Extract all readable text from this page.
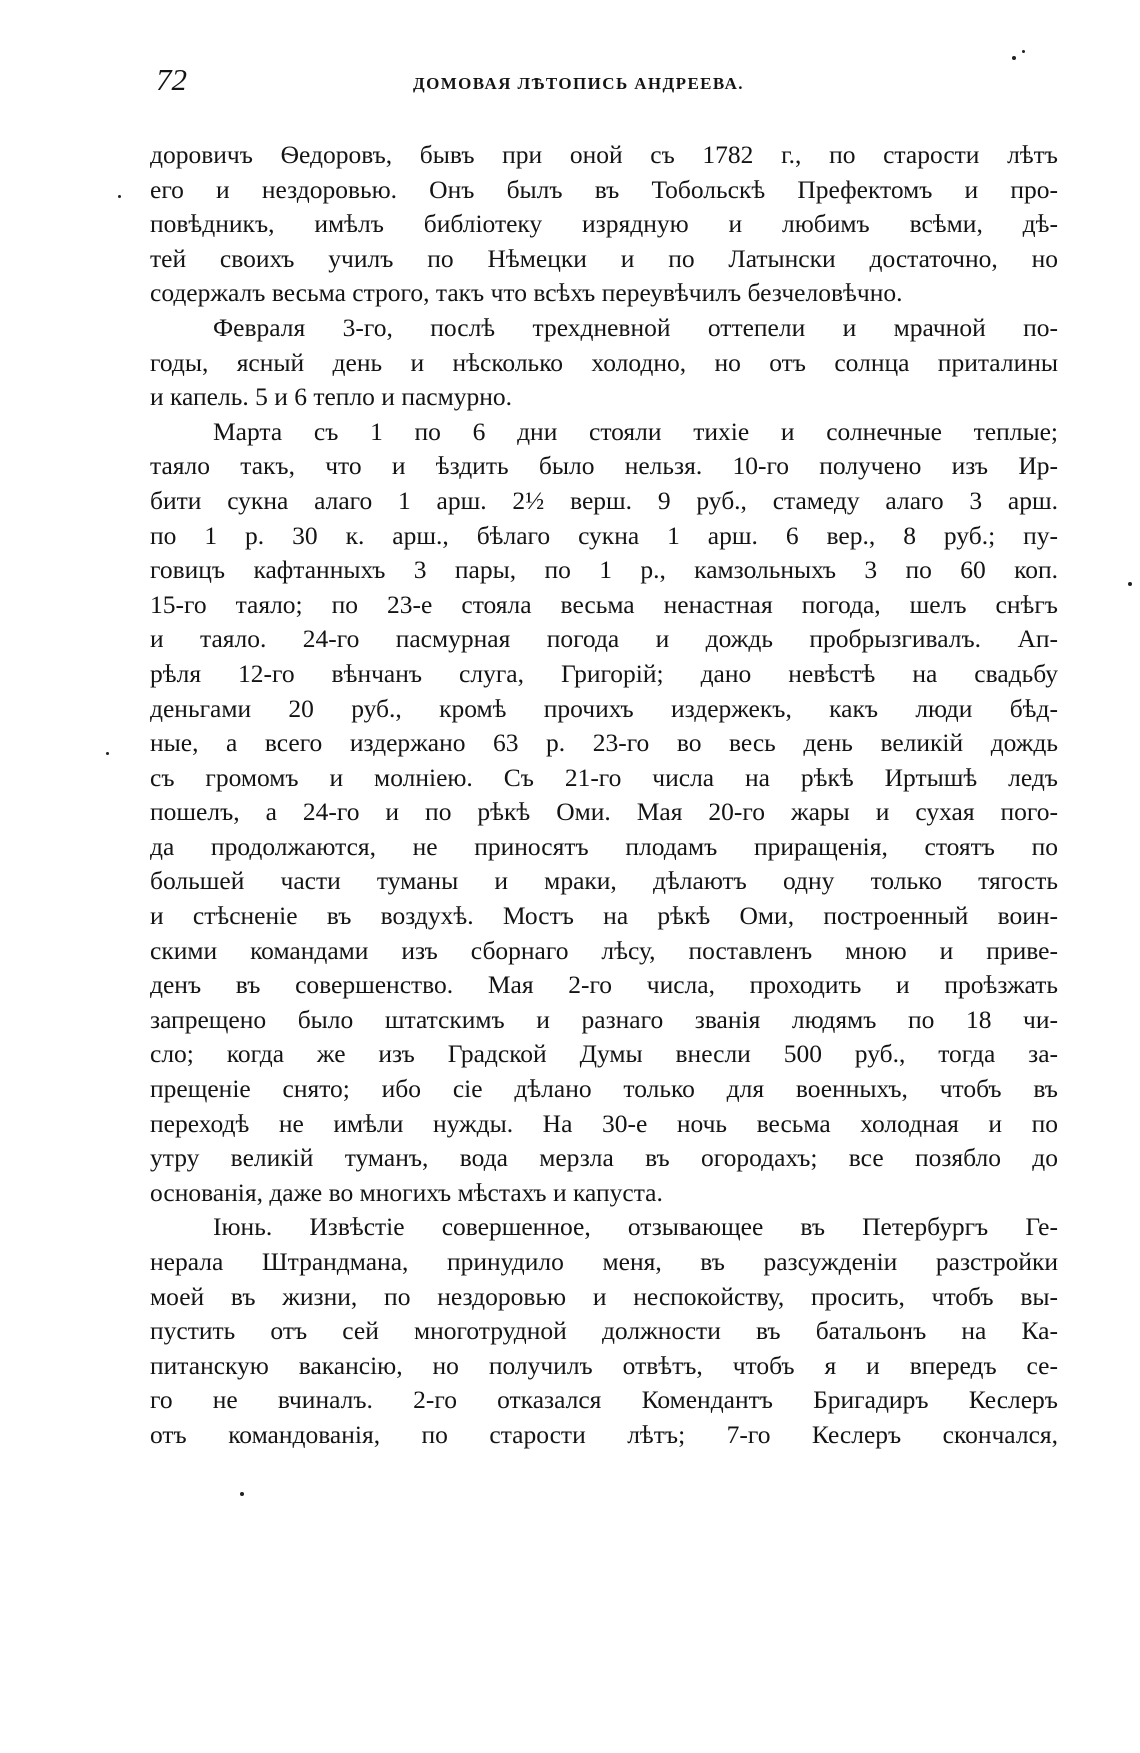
72	ДОМОВАЯ ЛѢТОПИСЬ АНДРЕЕВА.
доровичъ Ѳедоровъ, бывъ при оной съ 1782 г., по старости лѣтъ
его и нездоровью. Онъ былъ въ Тобольскѣ Префектомъ и про-
повѣдникъ, имѣлъ библіотеку изрядную и любимъ всѣми, дѣ-
тей своихъ училъ по Нѣмецки и по Латынски достаточно, но
содержалъ весьма строго, такъ что всѣхъ переувѣчилъ безчеловѣчно.
Февраля 3-го, послѣ трехдневной оттепели и мрачной по-
годы, ясный день и нѣсколько холодно, но отъ солнца приталины
и капель. 5 и 6 тепло и пасмурно.
Марта съ 1 по 6 дни стояли тихіе и солнечные теплые;
таяло такъ, что и ѣздить было нельзя. 10-го получено изъ Ир-
бити сукна алаго 1 арш. 2½ верш. 9 руб., стамеду алаго 3 арш.
по 1 р. 30 к. арш., бѣлаго сукна 1 арш. 6 вер., 8 руб.; пу-
говицъ кафтанныхъ 3 пары, по 1 р., камзольныхъ 3 по 60 коп.
15-го таяло; по 23-е стояла весьма ненастная погода, шелъ снѣгъ
и таяло. 24-го пасмурная погода и дождь пробрызгивалъ. Ап-
рѣля 12-го вѣнчанъ слуга, Григорій; дано невѣстѣ на свадьбу
деньгами 20 руб., кромѣ прочихъ издержекъ, какъ люди бѣд-
ные, а всего издержано 63 р. 23-го во весь день великій дождь
съ громомъ и молніею. Съ 21-го числа на рѣкѣ Иртышѣ ледъ
пошелъ, а 24-го и по рѣкѣ Оми. Мая 20-го жары и сухая пого-
да продолжаются, не приносятъ плодамъ приращенія, стоятъ по
большей части туманы и мраки, дѣлаютъ одну только тягость
и стѣсненіе въ воздухѣ. Мостъ на рѣкѣ Оми, построенный воин-
скими командами изъ сборнаго лѣсу, поставленъ мною и приве-
денъ въ совершенство. Мая 2-го числа, проходить и проѣзжать
запрещено было штатскимъ и разнаго званія людямъ по 18 чи-
сло; когда же изъ Градской Думы внесли 500 руб., тогда за-
прещеніе снято; ибо сіе дѣлано только для военныхъ, чтобъ въ
переходѣ не имѣли нужды. На 30-е ночь весьма холодная и по
утру великій туманъ, вода мерзла въ огородахъ; все позябло до
основанія, даже во многихъ мѣстахъ и капуста.
Іюнь. Извѣстіе совершенное, отзывающее въ Петербургъ Ге-
нерала Штрандмана, принудило меня, въ разсужденіи разстройки
моей въ жизни, по нездоровью и неспокойству, просить, чтобъ вы-
пустить отъ сей многотрудной должности въ батальонъ на Ка-
питанскую вакансію, но получилъ отвѣтъ, чтобъ я и впередъ се-
го не вчиналъ. 2-го отказался Комендантъ Бригадиръ Кеслеръ
отъ командованія, по старости лѣтъ; 7-го Кеслеръ скончался,
